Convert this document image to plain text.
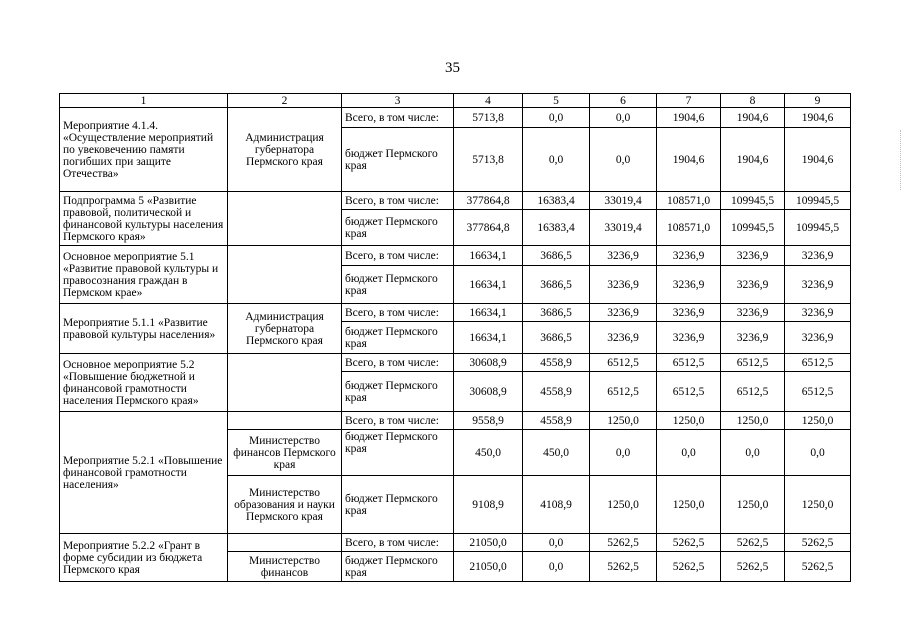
35
1	2	3	4	5	6	7	8	9
Мероприятие 4.1.4. «Осуществление мероприятий по увековечению памяти погибших при защите Отечества»	Администрация губернатора Пермского края	Всего, в том числе:	5713,8	0,0	0,0	1904,6	1904,6	1904,6
		бюджет Пермского края	5713,8	0,0	0,0	1904,6	1904,6	1904,6
Подпрограмма 5 «Развитие правовой, политической и финансовой культуры населения Пермского края»		Всего, в том числе:	377864,8	16383,4	33019,4	108571,0	109945,5	109945,5
		бюджет Пермского края	377864,8	16383,4	33019,4	108571,0	109945,5	109945,5
Основное мероприятие 5.1 «Развитие правовой культуры и правосознания граждан в Пермском крае»		Всего, в том числе:	16634,1	3686,5	3236,9	3236,9	3236,9	3236,9
		бюджет Пермского края	16634,1	3686,5	3236,9	3236,9	3236,9	3236,9
Мероприятие 5.1.1 «Развитие правовой культуры населения»	Администрация губернатора Пермского края	Всего, в том числе:	16634,1	3686,5	3236,9	3236,9	3236,9	3236,9
		бюджет Пермского края	16634,1	3686,5	3236,9	3236,9	3236,9	3236,9
Основное мероприятие 5.2 «Повышение бюджетной и финансовой грамотности населения Пермского края»		Всего, в том числе:	30608,9	4558,9	6512,5	6512,5	6512,5	6512,5
		бюджет Пермского края	30608,9	4558,9	6512,5	6512,5	6512,5	6512,5
Мероприятие 5.2.1 «Повышение финансовой грамотности населения»		Всего, в том числе:	9558,9	4558,9	1250,0	1250,0	1250,0	1250,0
	Министерство финансов Пермского края	бюджет Пермского края	450,0	450,0	0,0	0,0	0,0	0,0
	Министерство образования и науки Пермского края	бюджет Пермского края	9108,9	4108,9	1250,0	1250,0	1250,0	1250,0
Мероприятие 5.2.2 «Грант в форме субсидии из бюджета Пермского края		Всего, в том числе:	21050,0	0,0	5262,5	5262,5	5262,5	5262,5
	Министерство финансов	бюджет Пермского края	21050,0	0,0	5262,5	5262,5	5262,5	5262,5
